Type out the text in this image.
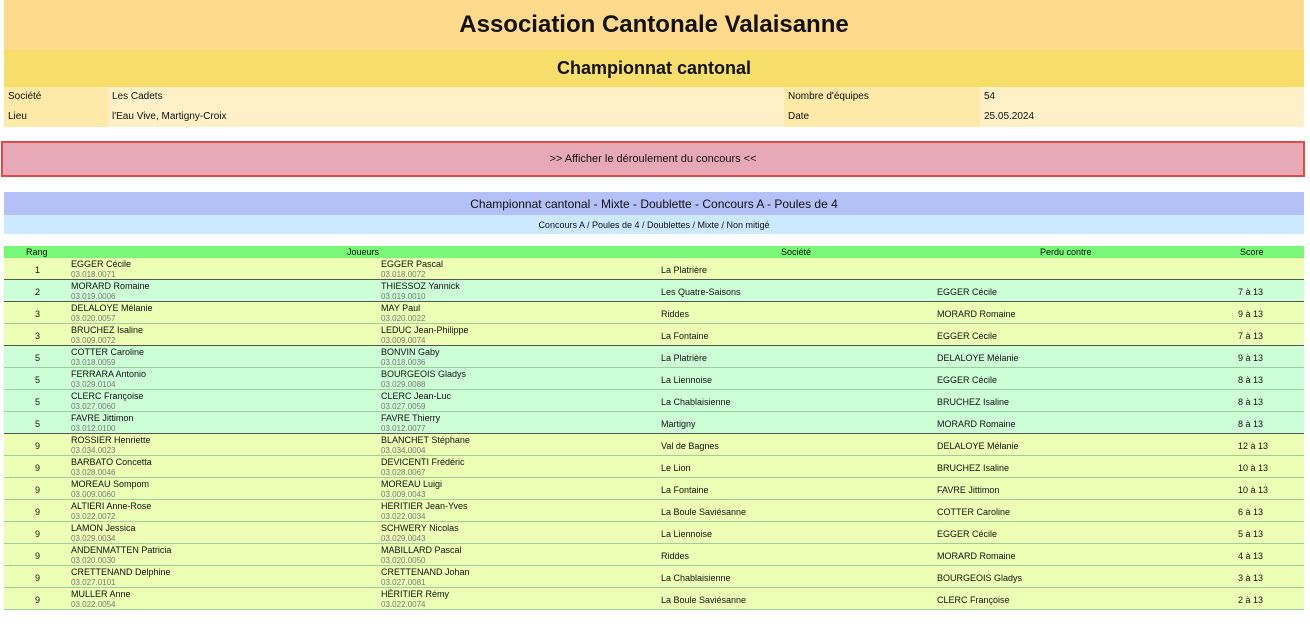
Association Cantonale Valaisanne
Championnat cantonal
Société	Les Cadets	Nombre d'équipes	54
Lieu	l'Eau Vive, Martigny-Croix	Date	25.05.2024
>> Afficher le déroulement du concours <<
Championnat cantonal - Mixte - Doublette - Concours A - Poules de 4
Concours A / Poules de 4 / Doublettes / Mixte / Non mitigé
Rang	Joueurs	Société	Perdu contre	Score
1
EGGER Cécile
03.018.0071
EGGER Pascal
03.018.0072	La Platrière
2
MORARD Romaine
03.019.0006
THIESSOZ Yannick
03.019.0010	Les Quatre-Saisons	EGGER Cécile	7 à 13
3
DELALOYE Mélanie
03.020.0057
MAY Paul
03.020.0022	Riddes	MORARD Romaine	9 à 13
3
BRUCHEZ Isaline
03.009.0072
LEDUC Jean-Philippe
03.009.0074	La Fontaine	EGGER Cécile	7 à 13
5
COTTER Caroline
03.018.0059
BONVIN Gaby
03.018.0036	La Platrière	DELALOYE Mélanie	9 à 13
5
FERRARA Antonio
03.029.0104
BOURGEOIS Gladys
03.029.0088	La Liennoise	EGGER Cécile	8 à 13
5
CLERC Françoise
03.027.0060
CLERC Jean-Luc
03.027.0059	La Chablaisienne	BRUCHEZ Isaline	8 à 13
5
FAVRE Jittimon
03.012.0100
FAVRE Thierry
03.012.0077	Martigny	MORARD Romaine	8 à 13
9
ROSSIER Henriette
03.034.0023
BLANCHET Stéphane
03.034.0004	Val de Bagnes	DELALOYE Mélanie	12 à 13
9
BARBATO Concetta
03.028.0046
DEVICENTI Frédéric
03.028.0067	Le Lion	BRUCHEZ Isaline	10 à 13
9
MOREAU Sompom
03.009.0060
MOREAU Luigi
03.009.0043	La Fontaine	FAVRE Jittimon	10 à 13
9
ALTIERI Anne-Rose
03.022.0072
HERITIER Jean-Yves
03.022.0034	La Boule Saviésanne	COTTER Caroline	6 à 13
9
LAMON Jessica
03.029.0034
SCHWERY Nicolas
03.029.0043	La Liennoise	EGGER Cécile	5 à 13
9
ANDENMATTEN Patricia
03.020.0030
MABILLARD Pascal
03.020.0050	Riddes	MORARD Romaine	4 à 13
9
CRETTENAND Delphine
03.027.0101
CRETTENAND Johan
03.027.0081	La Chablaisienne	BOURGEOIS Gladys	3 à 13
9
MULLER Anne
03.022.0054
HÉRITIER Rémy
03.022.0074	La Boule Saviésanne	CLERC Françoise	2 à 13
